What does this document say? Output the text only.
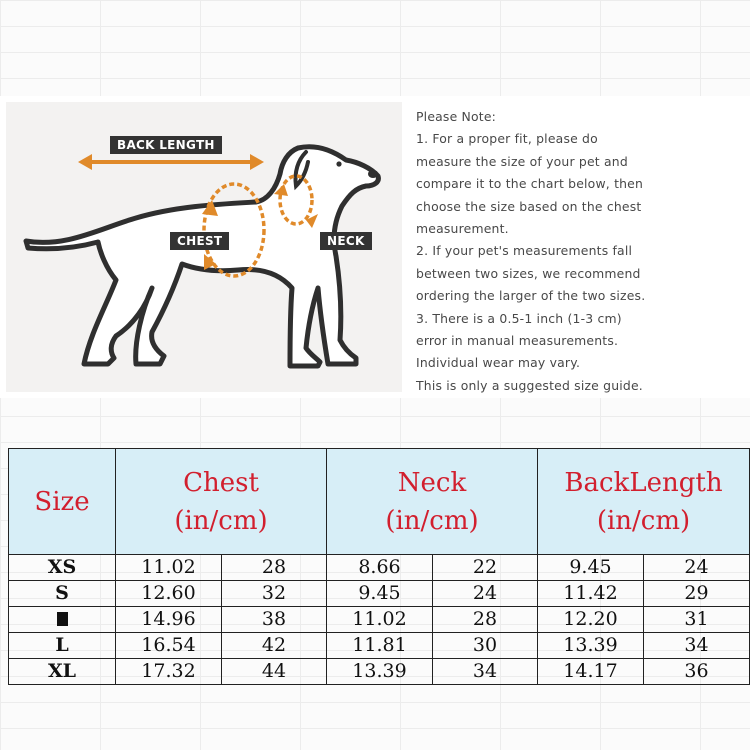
BACK LENGTH
CHEST	NECK
Please Note:
1. For a proper fit, please do
measure the size of your pet and
compare it to the chart below, then
choose the size based on the chest
measurement.
2. If your pet's measurements fall
between two sizes, we recommend
ordering the larger of the two sizes.
3. There is a 0.5-1 inch (1-3 cm)
error in manual measurements.
Individual wear may vary.
This is only a suggested size guide.
Size	Chest
(in/cm)		Neck
(in/cm)		BackLength
(in/cm)	

XS	11.02	28	8.66	22	9.45	24
S	12.60	32	9.45	24	11.42	29
	14.96	38	11.02	28	12.20	31
L	16.54	42	11.81	30	13.39	34
XL	17.32	44	13.39	34	14.17	36
